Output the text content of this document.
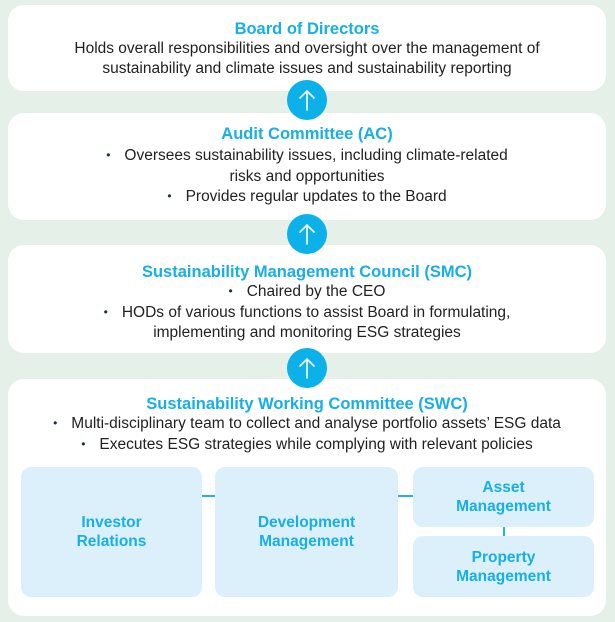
Board of Directors
Holds overall responsibilities and oversight over the management of
sustainability and climate issues and sustainability reporting
Audit Committee (AC)
• Oversees sustainability issues, including climate-related
risks and opportunities
• Provides regular updates to the Board
Sustainability Management Council (SMC)
• Chaired by the CEO
• HODs of various functions to assist Board in formulating,
implementing and monitoring ESG strategies
Sustainability Working Committee (SWC)
• Multi-disciplinary team to collect and analyse portfolio assets’ ESG data
• Executes ESG strategies while complying with relevant policies
Investor
Relations
Development
Management
Asset
Management
Property
Management
